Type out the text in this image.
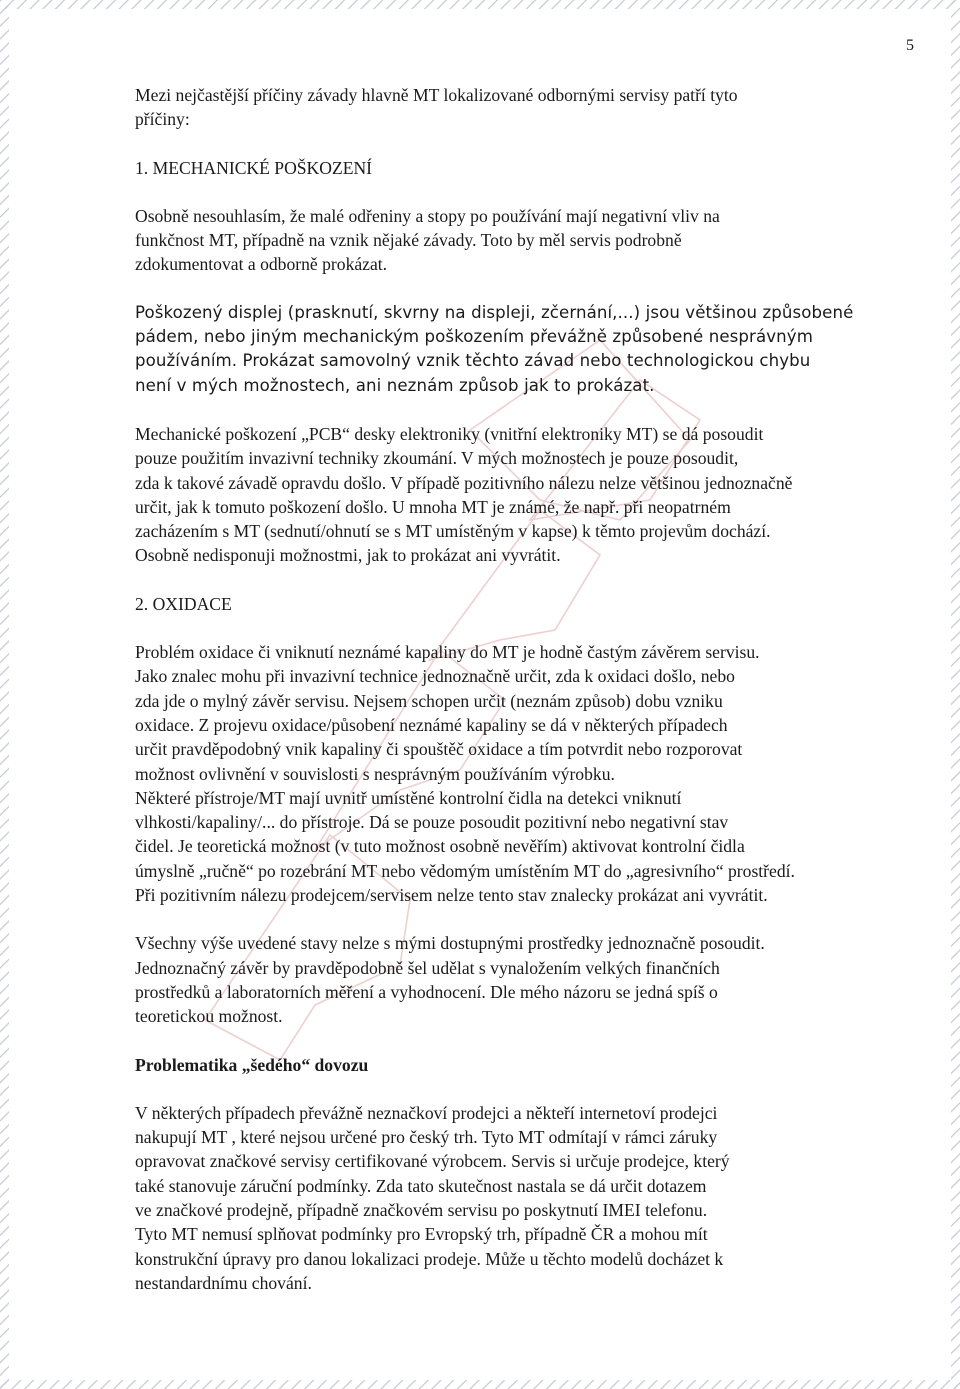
5

Mezi nejčastější příčiny závady hlavně MT lokalizované odbornými servisy patří tyto
příčiny:

1. MECHANICKÉ POŠKOZENÍ

Osobně nesouhlasím, že malé odřeniny a stopy po používání mají negativní vliv na
funkčnost MT, případně na vznik nějaké závady. Toto by měl servis podrobně
zdokumentovat a odborně prokázat.

Poškozený displej (prasknutí, skvrny na displeji, zčernání,...) jsou většinou způsobené
pádem, nebo jiným mechanickým poškozením převážně způsobené nesprávným
používáním. Prokázat samovolný vznik těchto závad nebo technologickou chybu
není v mých možnostech, ani neznám způsob jak to prokázat.

Mechanické poškození „PCB“ desky elektroniky (vnitřní elektroniky MT) se dá posoudit
pouze použitím invazivní techniky zkoumání. V mých možnostech je pouze posoudit,
zda k takové závadě opravdu došlo. V případě pozitivního nálezu nelze většinou jednoznačně
určit, jak k tomuto poškození došlo. U mnoha MT je známé, že např. při neopatrném
zacházením s MT (sednutí/ohnutí se s MT umístěným v kapse) k těmto projevům dochází.
Osobně nedisponuji možnostmi, jak to prokázat ani vyvrátit.

2. OXIDACE

Problém oxidace či vniknutí neznámé kapaliny do MT je hodně častým závěrem servisu.
Jako znalec mohu při invazivní technice jednoznačně určit, zda k oxidaci došlo, nebo
zda jde o mylný závěr servisu. Nejsem schopen určit (neznám způsob) dobu vzniku
oxidace. Z projevu oxidace/působení neznámé kapaliny se dá v některých případech
určit pravděpodobný vnik kapaliny či spouštěč oxidace a tím potvrdit nebo rozporovat
možnost ovlivnění v souvislosti s nesprávným používáním výrobku.
Některé přístroje/MT mají uvnitř umístěné kontrolní čidla na detekci vniknutí
vlhkosti/kapaliny/... do přístroje. Dá se pouze posoudit pozitivní nebo negativní stav
čidel. Je teoretická možnost (v tuto možnost osobně nevěřím) aktivovat kontrolní čidla
úmyslně „ručně“ po rozebrání MT nebo vědomým umístěním MT do „agresivního“ prostředí.
Při pozitivním nálezu prodejcem/servisem nelze tento stav znalecky prokázat ani vyvrátit.

Všechny výše uvedené stavy nelze s mými dostupnými prostředky jednoznačně posoudit.
Jednoznačný závěr by pravděpodobně šel udělat s vynaložením velkých finančních
prostředků a laboratorních měření a vyhodnocení. Dle mého názoru se jedná spíš o
teoretickou možnost.

Problematika „šedého“ dovozu

V některých případech převážně neznačkoví prodejci a někteří internetoví prodejci
nakupují MT , které nejsou určené pro český trh. Tyto MT odmítají v rámci záruky
opravovat značkové servisy certifikované výrobcem. Servis si určuje prodejce, který
také stanovuje záruční podmínky. Zda tato skutečnost nastala se dá určit dotazem
ve značkové prodejně, případně značkovém servisu po poskytnutí IMEI telefonu.
Tyto MT nemusí splňovat podmínky pro Evropský trh, případně ČR a mohou mít
konstrukční úpravy pro danou lokalizaci prodeje. Může u těchto modelů docházet k
nestandardnímu chování.
